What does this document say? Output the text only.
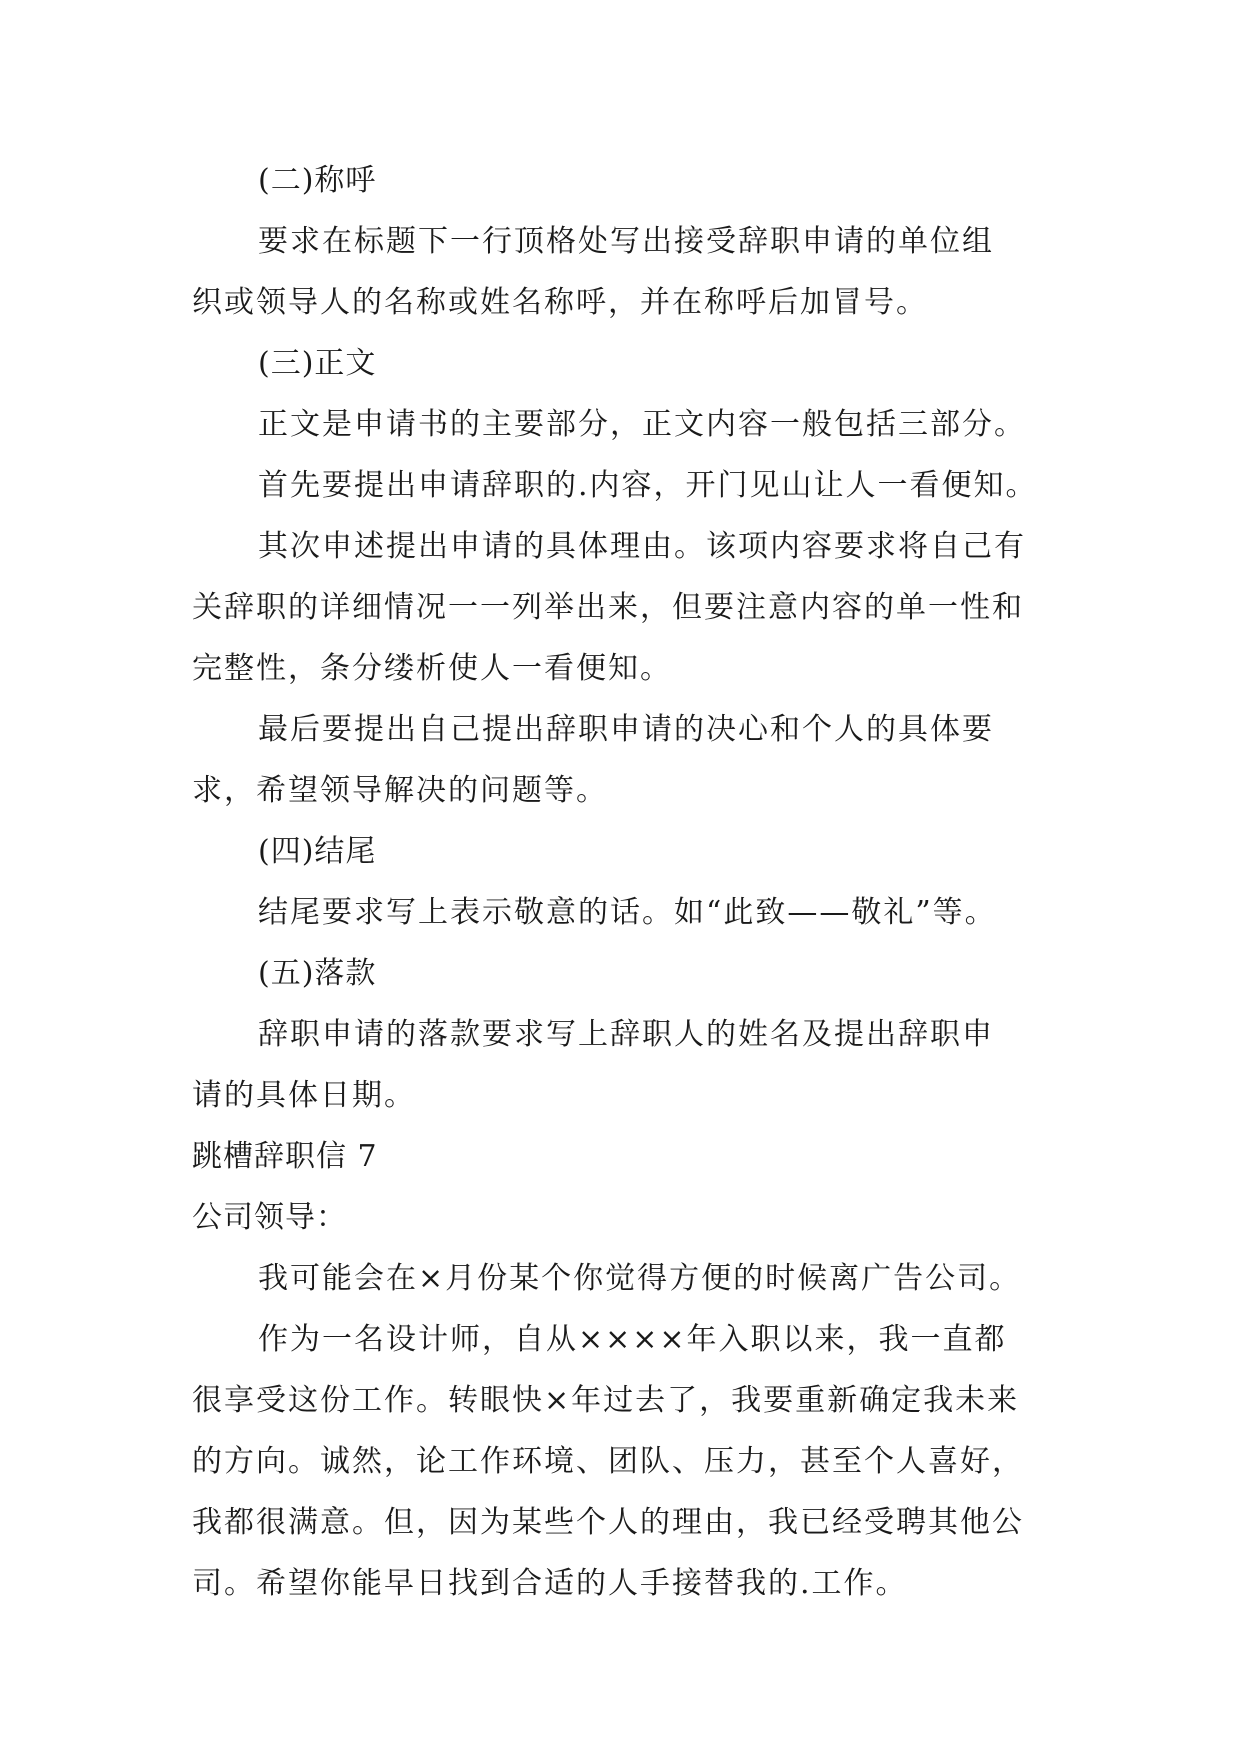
(二)称呼
要求在标题下一行顶格处写出接受辞职申请的单位组
织或领导人的名称或姓名称呼，并在称呼后加冒号。
(三)正文
正文是申请书的主要部分，正文内容一般包括三部分。
首先要提出申请辞职的.内容，开门见山让人一看便知。
其次申述提出申请的具体理由。该项内容要求将自己有
关辞职的详细情况一一列举出来，但要注意内容的单一性和
完整性，条分缕析使人一看便知。
最后要提出自己提出辞职申请的决心和个人的具体要
求，希望领导解决的问题等。
(四)结尾
结尾要求写上表示敬意的话。如“此致——敬礼”等。
(五)落款
辞职申请的落款要求写上辞职人的姓名及提出辞职申
请的具体日期。
跳槽辞职信 7
公司领导：
我可能会在×月份某个你觉得方便的时候离广告公司。
作为一名设计师，自从××××年入职以来，我一直都
很享受这份工作。转眼快×年过去了，我要重新确定我未来
的方向。诚然，论工作环境、团队、压力，甚至个人喜好，
我都很满意。但，因为某些个人的理由，我已经受聘其他公
司。希望你能早日找到合适的人手接替我的.工作。
